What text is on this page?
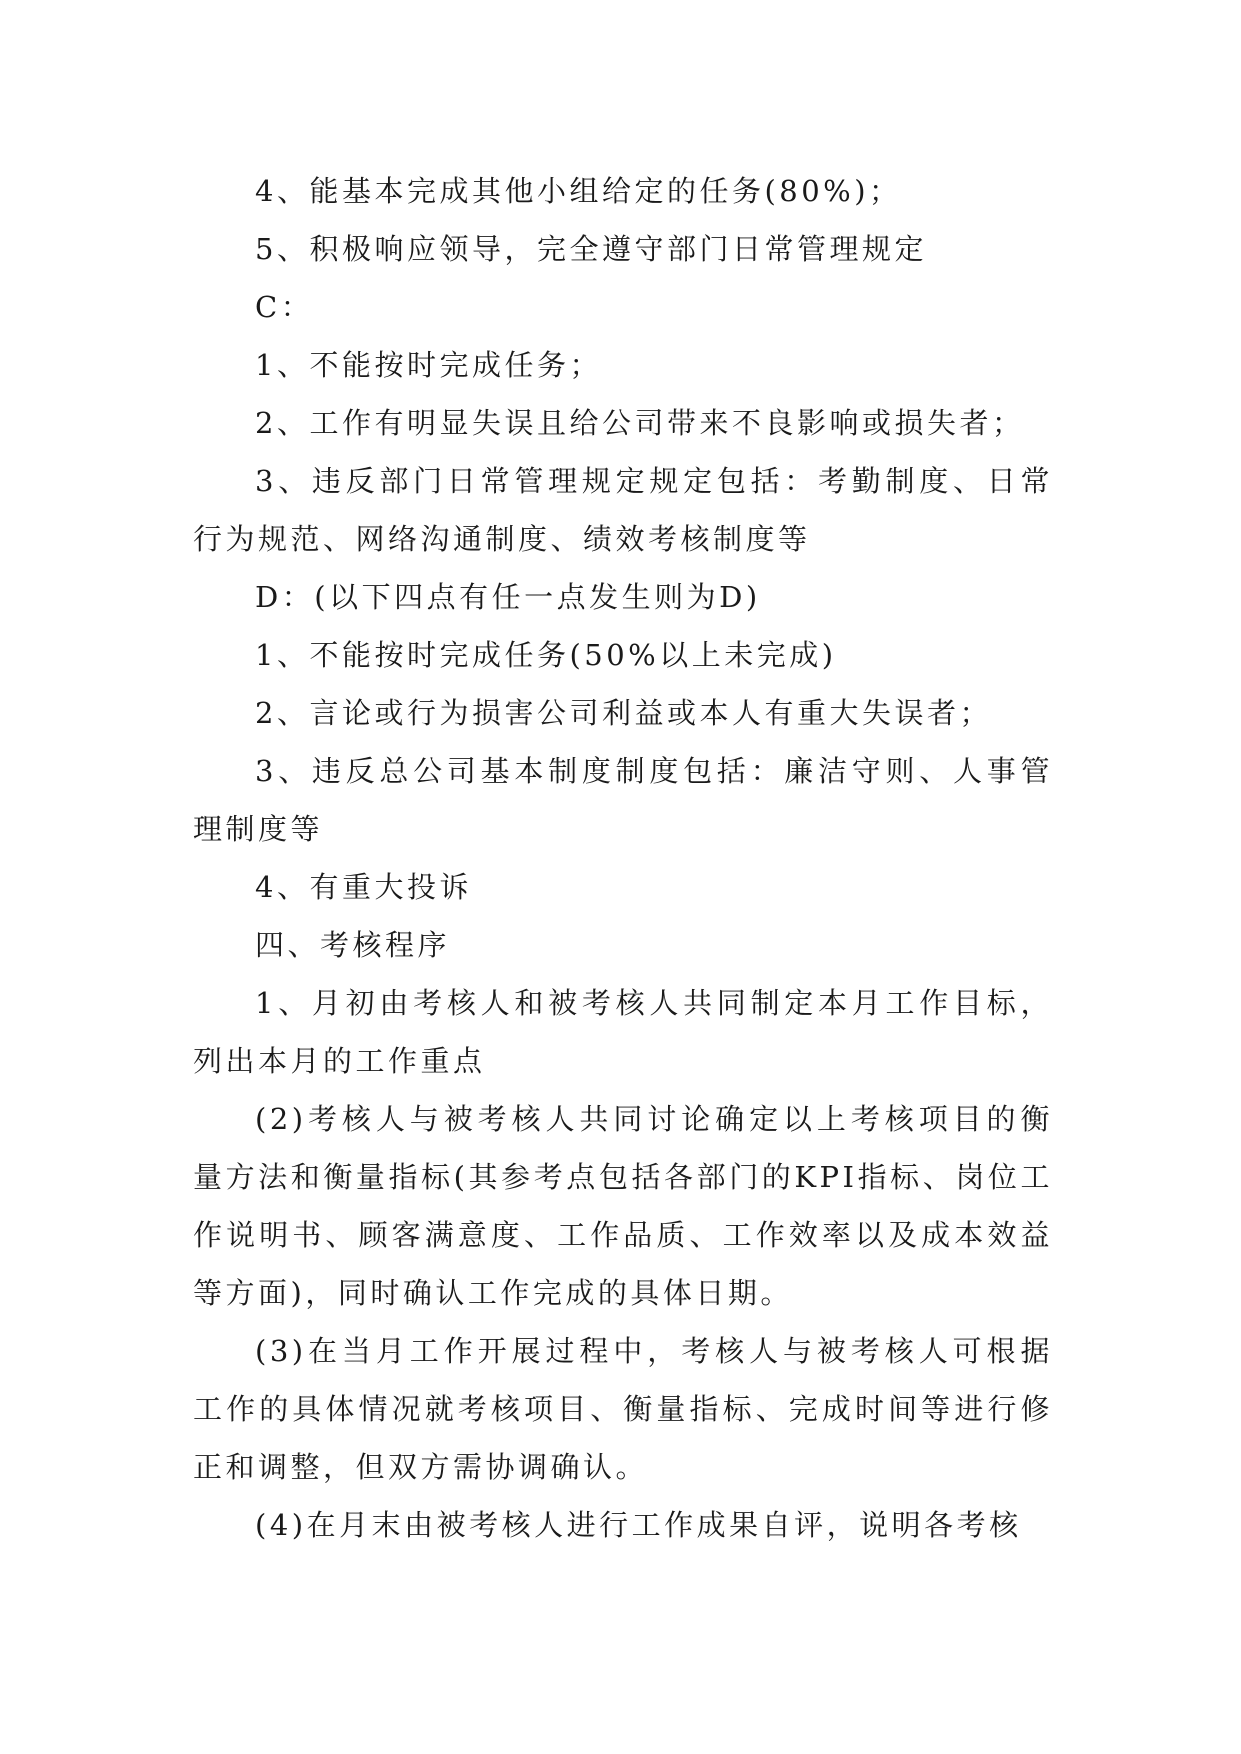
4、能基本完成其他小组给定的任务(80%)；

5、积极响应领导，完全遵守部门日常管理规定

C：

1、不能按时完成任务；

2、工作有明显失误且给公司带来不良影响或损失者；

3、违反部门日常管理规定规定包括：考勤制度、日常行为规范、网络沟通制度、绩效考核制度等

D：(以下四点有任一点发生则为D)

1、不能按时完成任务(50%以上未完成)

2、言论或行为损害公司利益或本人有重大失误者；

3、违反总公司基本制度制度包括：廉洁守则、人事管理制度等

4、有重大投诉

四、考核程序

1、月初由考核人和被考核人共同制定本月工作目标，列出本月的工作重点

(2)考核人与被考核人共同讨论确定以上考核项目的衡量方法和衡量指标(其参考点包括各部门的KPI指标、岗位工作说明书、顾客满意度、工作品质、工作效率以及成本效益等方面)，同时确认工作完成的具体日期。

(3)在当月工作开展过程中，考核人与被考核人可根据工作的具体情况就考核项目、衡量指标、完成时间等进行修正和调整，但双方需协调确认。

(4)在月末由被考核人进行工作成果自评，说明各考核
